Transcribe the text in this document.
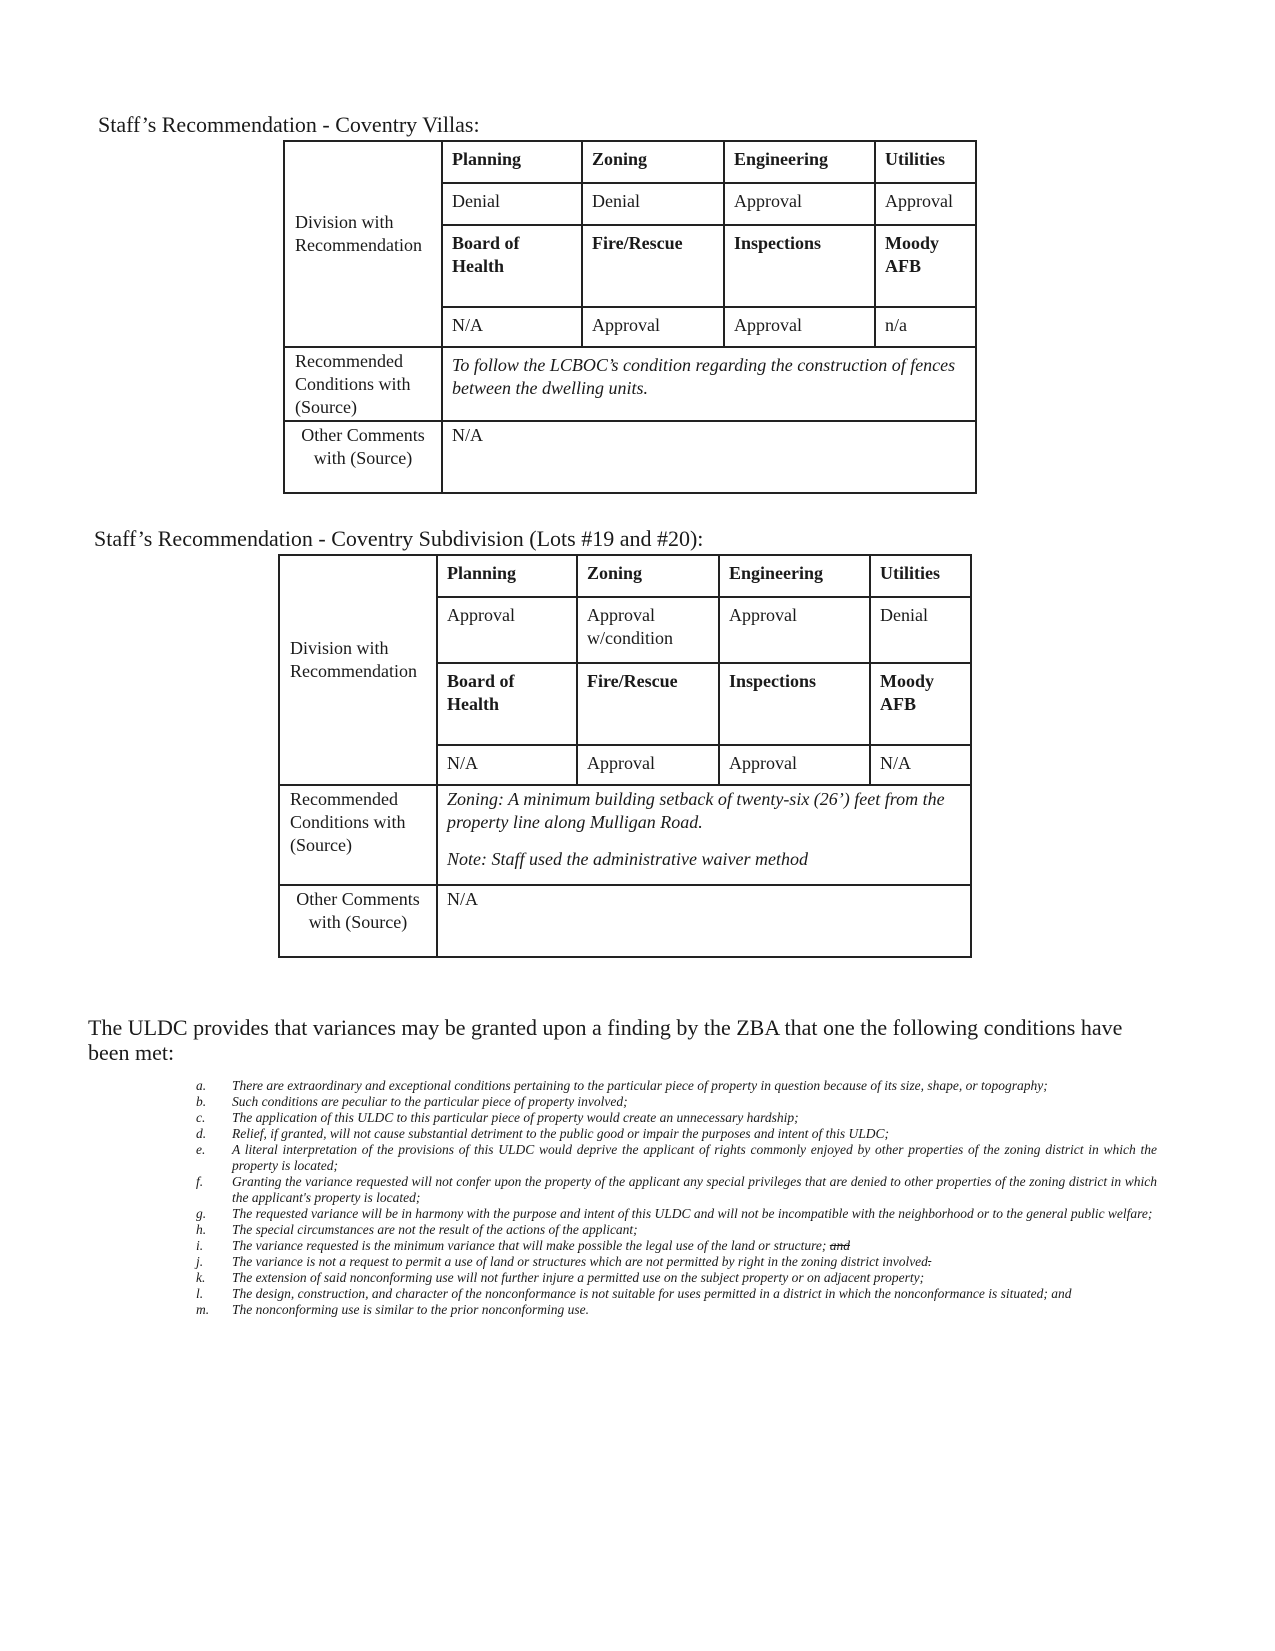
Staff’s Recommendation - Coventry Villas:
Division with Recommendation	Planning	Zoning	Engineering	Utilities
	Denial	Denial	Approval	Approval
	Board of Health	Fire/Rescue	Inspections	Moody AFB
	N/A	Approval	Approval	n/a
Recommended Conditions with (Source)	To follow the LCBOC’s condition regarding the construction of fences between the dwelling units.			
Other Comments with (Source)	N/A			
Staff’s Recommendation - Coventry Subdivision (Lots #19 and #20):
Division with Recommendation	Planning	Zoning	Engineering	Utilities
	Approval	Approval w/condition	Approval	Denial
	Board of Health	Fire/Rescue	Inspections	Moody AFB
	N/A	Approval	Approval	N/A
Recommended Conditions with (Source)	Zoning: A minimum building setback of twenty-six (26’) feet from the property line along Mulligan Road.
Note: Staff used the administrative waiver method			

Other Comments with (Source)	N/A			
The ULDC provides that variances may be granted upon a finding by the ZBA that one the following conditions have been met:
a. There are extraordinary and exceptional conditions pertaining to the particular piece of property in question because of its size, shape, or topography;
b. Such conditions are peculiar to the particular piece of property involved;
c. The application of this ULDC to this particular piece of property would create an unnecessary hardship;
d. Relief, if granted, will not cause substantial detriment to the public good or impair the purposes and intent of this ULDC;
e. A literal interpretation of the provisions of this ULDC would deprive the applicant of rights commonly enjoyed by other properties of the zoning district in which the property is located;
f. Granting the variance requested will not confer upon the property of the applicant any special privileges that are denied to other properties of the zoning district in which the applicant's property is located;
g. The requested variance will be in harmony with the purpose and intent of this ULDC and will not be incompatible with the neighborhood or to the general public welfare;
h. The special circumstances are not the result of the actions of the applicant;
i. The variance requested is the minimum variance that will make possible the legal use of the land or structure; and
j. The variance is not a request to permit a use of land or structures which are not permitted by right in the zoning district involved.
k. The extension of said nonconforming use will not further injure a permitted use on the subject property or on adjacent property;
l. The design, construction, and character of the nonconformance is not suitable for uses permitted in a district in which the nonconformance is situated; and
m. The nonconforming use is similar to the prior nonconforming use.
